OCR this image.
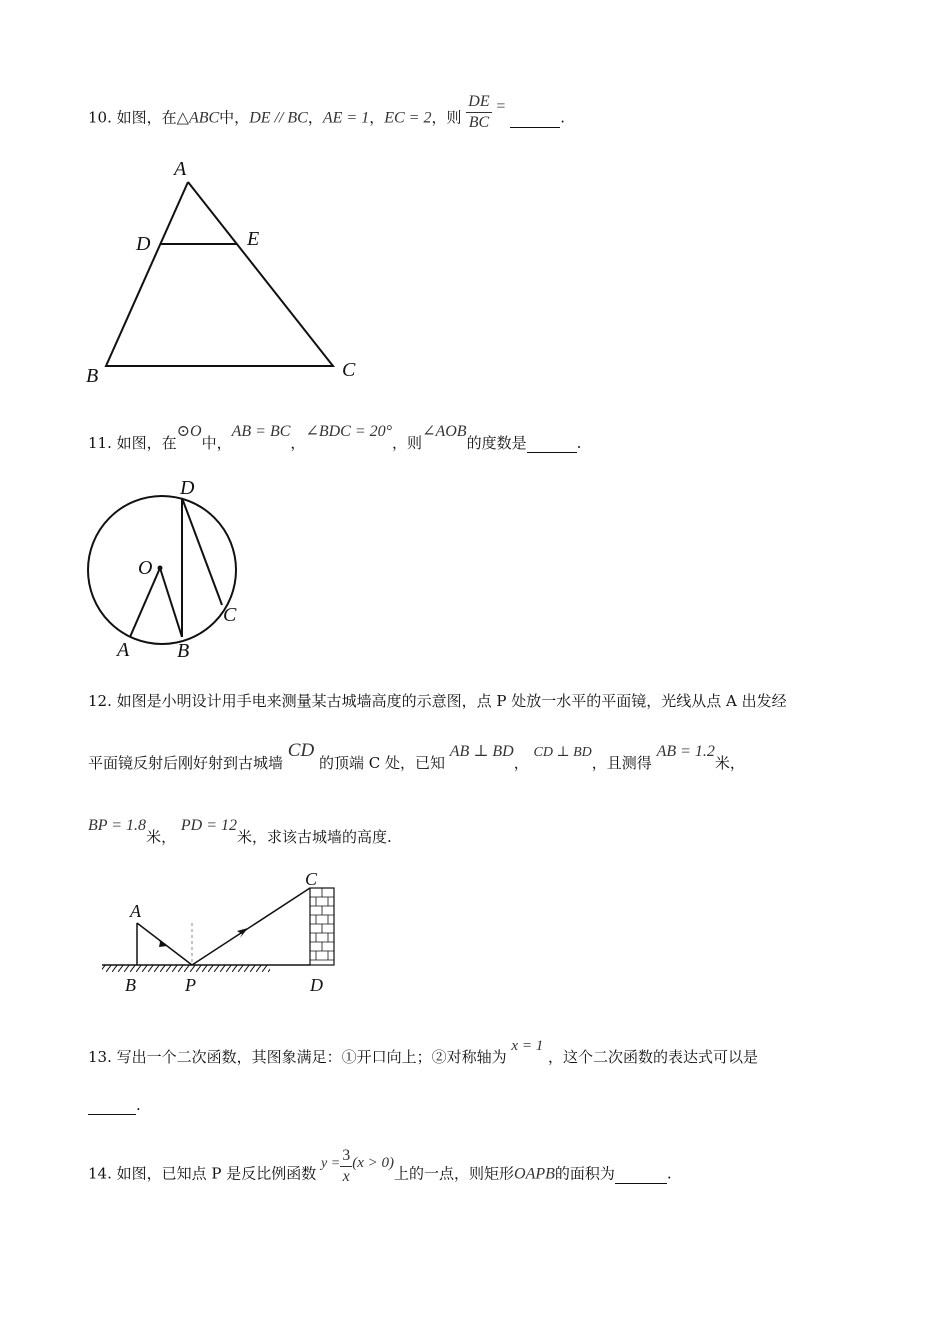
10. 如图，在△ABC中，DE // BC，AE = 1，EC = 2，则 $\frac{DE}{BC}$ =  .
A
D	E
B	C
11. 如图，在⊙O中，AB = BC，∠BDC = 20°，则∠AOB的度数是	.
O
D
C
A B
12. 如图是小明设计用手电来测量某古城墙高度的示意图，点 P 处放一水平的平面镜，光线从点 A 出发经
平面镜反射后刚好射到古城墙 CD 的顶端 C 处，已知 AB ⊥ BD， CD ⊥ BD，且测得 AB = 1.2米，
BP = 1.8米， PD = 12米，求该古城墙的高度.
A
B	P
C
D
13. 写出一个二次函数，其图象满足：①开口向上；②对称轴为 x = 1 ，这个二次函数的表达式可以是
.
14. 如图，已知点 P 是反比例函数 $y = \frac{3}{x} (x > 0)$上的一点，则矩形OAPB的面积为	.
